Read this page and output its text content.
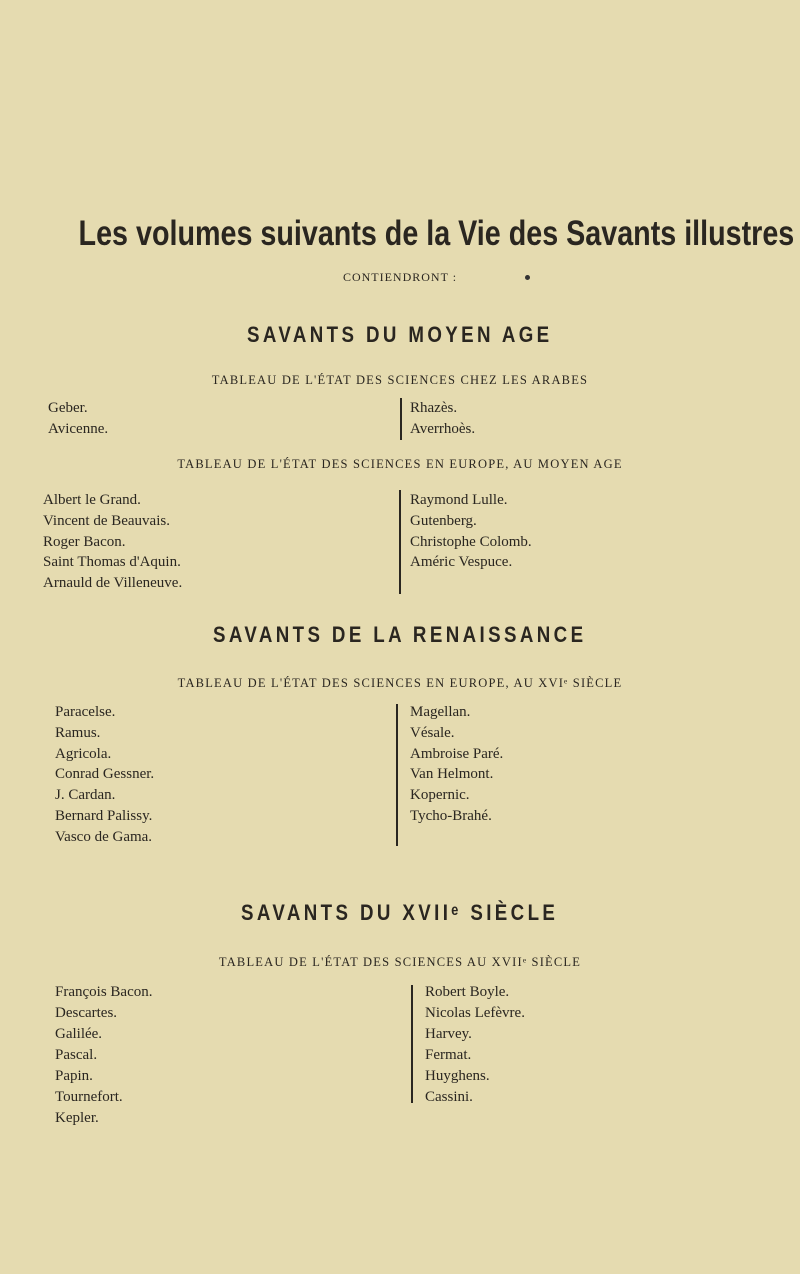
Les volumes suivants de la Vie des Savants illustres
CONTIENDRONT :
SAVANTS DU MOYEN AGE
TABLEAU DE L'ÉTAT DES SCIENCES CHEZ LES ARABES
Geber.
Avicenne.
Rhazès.
Averrhoès.
TABLEAU DE L'ÉTAT DES SCIENCES EN EUROPE, AU MOYEN AGE
Albert le Grand.
Vincent de Beauvais.
Roger Bacon.
Saint Thomas d'Aquin.
Arnauld de Villeneuve.
Raymond Lulle.
Gutenberg.
Christophe Colomb.
Améric Vespuce.
SAVANTS DE LA RENAISSANCE
TABLEAU DE L'ÉTAT DES SCIENCES EN EUROPE, AU XVIᵉ SIÈCLE
Paracelse.
Ramus.
Agricola.
Conrad Gessner.
J. Cardan.
Bernard Palissy.
Vasco de Gama.
Magellan.
Vésale.
Ambroise Paré.
Van Helmont.
Kopernic.
Tycho-Brahé.
SAVANTS DU XVIIᵉ SIÈCLE
TABLEAU DE L'ÉTAT DES SCIENCES AU XVIIᵉ SIÈCLE
François Bacon.
Descartes.
Galilée.
Pascal.
Papin.
Tournefort.
Kepler.
Robert Boyle.
Nicolas Lefèvre.
Harvey.
Fermat.
Huyghens.
Cassini.
